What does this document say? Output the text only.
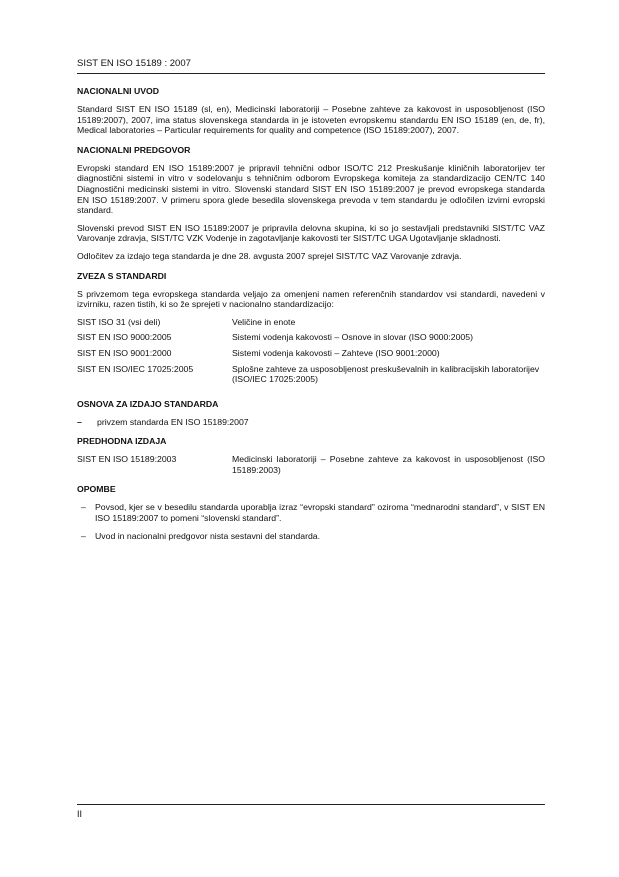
SIST EN ISO 15189 : 2007
NACIONALNI UVOD

Standard SIST EN ISO 15189 (sl, en), Medicinski laboratoriji – Posebne zahteve za kakovost in usposobljenost (ISO 15189:2007), 2007, ima status slovenskega standarda in je istoveten evropskemu standardu EN ISO 15189 (en, de, fr), Medical laboratories – Particular requirements for quality and competence (ISO 15189:2007), 2007.

NACIONALNI PREDGOVOR

Evropski standard EN ISO 15189:2007 je pripravil tehnični odbor ISO/TC 212 Preskušanje kliničnih laboratorijev ter diagnostični sistemi in vitro v sodelovanju s tehničnim odborom Evropskega komiteja za standardizacijo CEN/TC 140 Diagnostični medicinski sistemi in vitro. Slovenski standard SIST EN ISO 15189:2007 je prevod evropskega standarda EN ISO 15189:2007. V primeru spora glede besedila slovenskega prevoda v tem standardu je odločilen izvirni evropski standard.

Slovenski prevod SIST EN ISO 15189:2007 je pripravila delovna skupina, ki so jo sestavljali predstavniki SIST/TC VAZ Varovanje zdravja, SIST/TC VZK Vodenje in zagotavljanje kakovosti ter SIST/TC UGA Ugotavljanje skladnosti.

Odločitev za izdajo tega standarda je dne 28. avgusta 2007 sprejel SIST/TC VAZ Varovanje zdravja.

ZVEZA S STANDARDI

S privzemom tega evropskega standarda veljajo za omenjeni namen referenčnih standardov vsi standardi, navedeni v izvirniku, razen tistih, ki so že sprejeti v nacionalno standardizacijo:

SIST ISO 31 (vsi deli)	Veličine in enote
SIST EN ISO 9000:2005	Sistemi vodenja kakovosti – Osnove in slovar (ISO 9000:2005)
SIST EN ISO 9001:2000	Sistemi vodenja kakovosti – Zahteve (ISO 9001:2000)
SIST EN ISO/IEC 17025:2005	Splošne zahteve za usposobljenost preskuševalnih in kalibracijskih laboratorijev (ISO/IEC 17025:2005)
OSNOVA ZA IZDAJO STANDARDA
– privzem standarda EN ISO 15189:2007
PREDHODNA IZDAJA
SIST EN ISO 15189:2003	Medicinski laboratoriji – Posebne zahteve za kakovost in usposobljenost (ISO 15189:2003)
OPOMBE
– Povsod, kjer se v besedilu standarda uporablja izraz “evropski standard” oziroma “mednarodni standard”, v SIST EN ISO 15189:2007 to pomeni “slovenski standard”.
– Uvod in nacionalni predgovor nista sestavni del standarda.
II
